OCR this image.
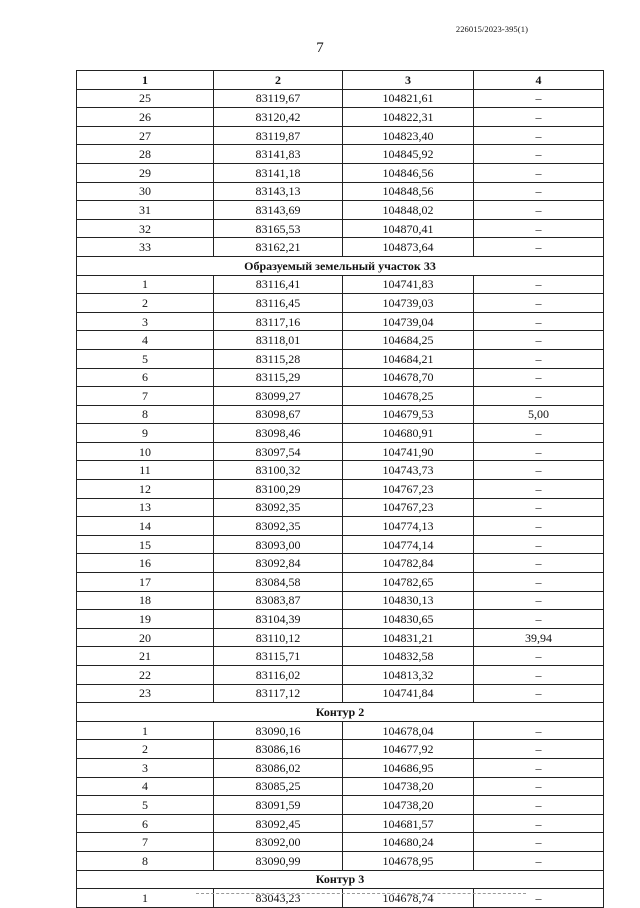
226015/2023-395(1)
7
1	2	3	4
25	83119,67	104821,61	–
26	83120,42	104822,31	–
27	83119,87	104823,40	–
28	83141,83	104845,92	–
29	83141,18	104846,56	–
30	83143,13	104848,56	–
31	83143,69	104848,02	–
32	83165,53	104870,41	–
33	83162,21	104873,64	–
Образуемый земельный участок 33			
1	83116,41	104741,83	–
2	83116,45	104739,03	–
3	83117,16	104739,04	–
4	83118,01	104684,25	–
5	83115,28	104684,21	–
6	83115,29	104678,70	–
7	83099,27	104678,25	–
8	83098,67	104679,53	5,00
9	83098,46	104680,91	–
10	83097,54	104741,90	–
11	83100,32	104743,73	–
12	83100,29	104767,23	–
13	83092,35	104767,23	–
14	83092,35	104774,13	–
15	83093,00	104774,14	–
16	83092,84	104782,84	–
17	83084,58	104782,65	–
18	83083,87	104830,13	–
19	83104,39	104830,65	–
20	83110,12	104831,21	39,94
21	83115,71	104832,58	–
22	83116,02	104813,32	–
23	83117,12	104741,84	–
Контур 2			
1	83090,16	104678,04	–
2	83086,16	104677,92	–
3	83086,02	104686,95	–
4	83085,25	104738,20	–
5	83091,59	104738,20	–
6	83092,45	104681,57	–
7	83092,00	104680,24	–
8	83090,99	104678,95	–
Контур 3			
1	83043,23	104678,74	–
